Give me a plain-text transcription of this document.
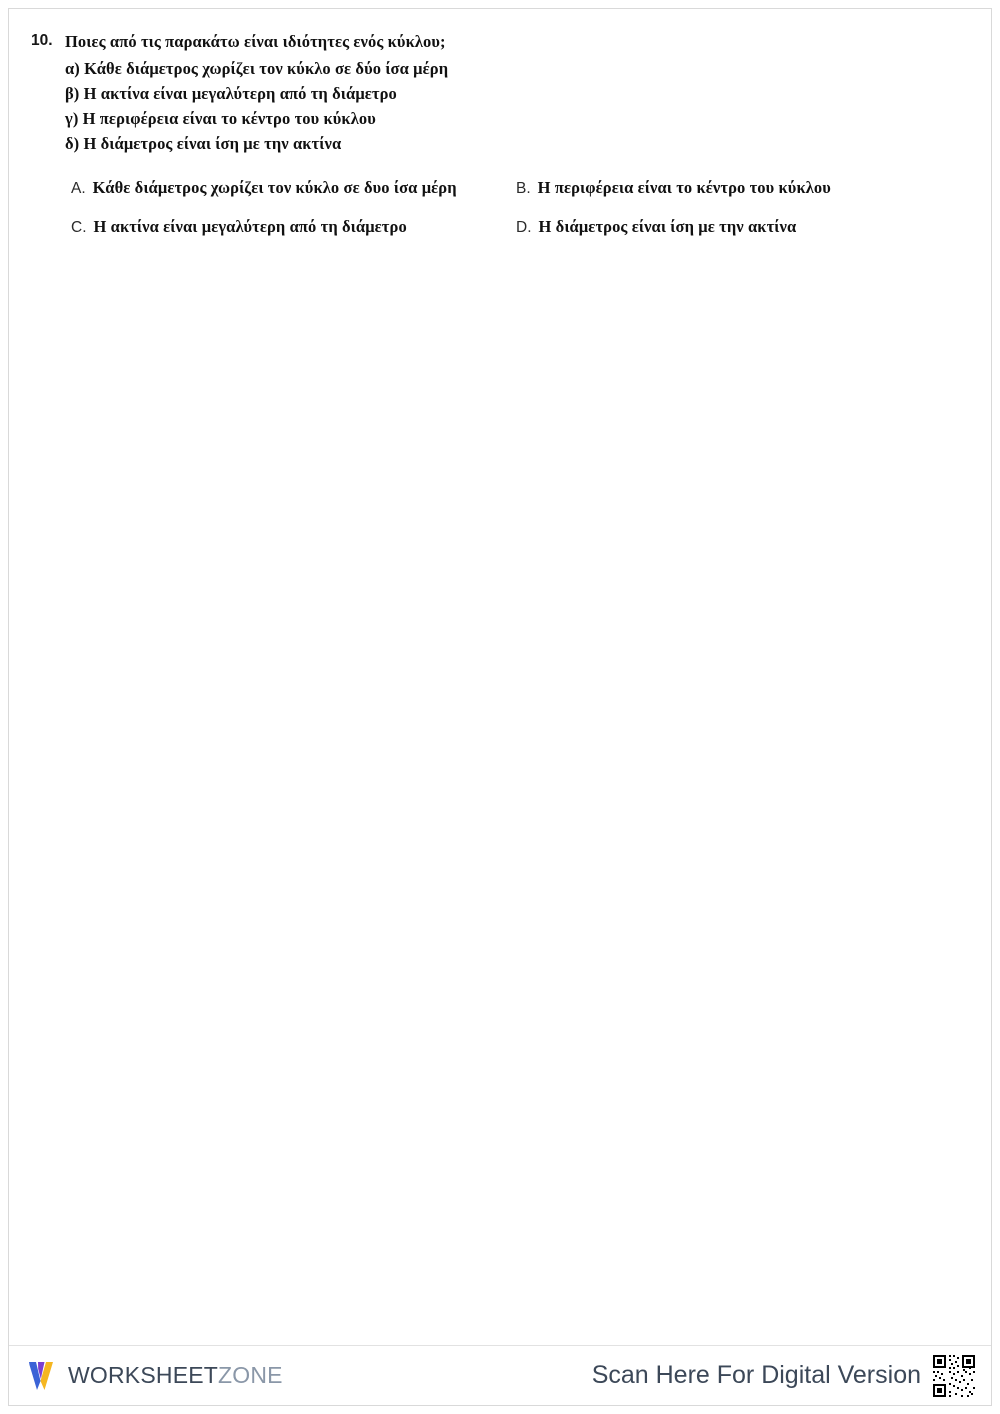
10. Ποιες από τις παρακάτω είναι ιδιότητες ενός κύκλου;
α) Κάθε διάμετρος χωρίζει τον κύκλο σε δύο ίσα μέρη
β) Η ακτίνα είναι μεγαλύτερη από τη διάμετρο
γ) Η περιφέρεια είναι το κέντρο του κύκλου
δ) Η διάμετρος είναι ίση με την ακτίνα
A. Κάθε διάμετρος χωρίζει τον κύκλο σε δυο ίσα μέρη	B. Η περιφέρεια είναι το κέντρο του κύκλου
C. Η ακτίνα είναι μεγαλύτερη από τη διάμετρο	D. Η διάμετρος είναι ίση με την ακτίνα
WORKSHEETZONE	Scan Here For Digital Version
